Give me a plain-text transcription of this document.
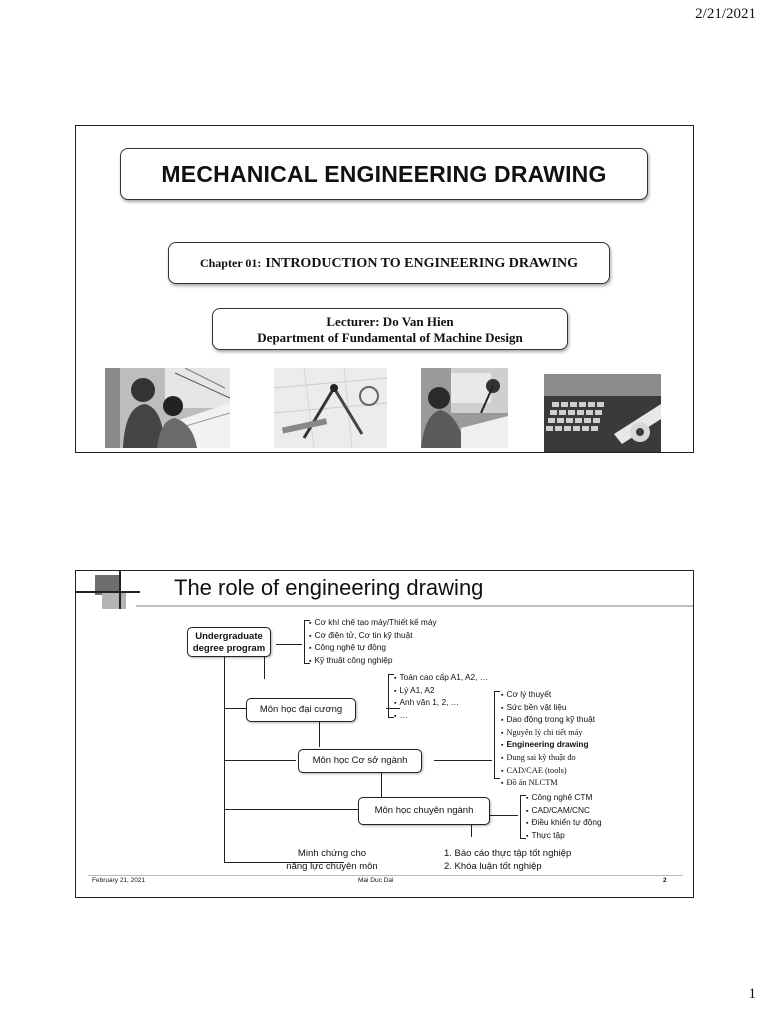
2/21/2021
MECHANICAL ENGINEERING DRAWING
Chapter 01: INTRODUCTION TO ENGINEERING DRAWING
Lecturer: Do Van Hien
Department of Fundamental of Machine Design
The role of engineering drawing
Undergraduate
degree program
Môn học đại cương
Môn học Cơ sở ngành
Môn học chuyên ngành
▪ Cơ khí chế tạo máy/Thiết kế máy
▪ Cơ điện tử, Cơ tin kỹ thuật
▪ Công nghệ tự động
▪ Kỹ thuật công nghiệp
▪ Toán cao cấp A1, A2, …
▪ Lý A1, A2
▪ Anh văn 1, 2, …
▪ …
▪ Cơ lý thuyết
▪ Sức bền vật liệu
▪ Dao động trong kỹ thuật
▪ Nguyên lý chi tiết máy
▪ Engineering drawing
▪ Dung sai kỹ thuật đo
▪ CAD/CAE (tools)
▪ Đồ án NLCTM
▪ Công nghệ CTM
▪ CAD/CAM/CNC
▪ Điều khiển tự động
▪ Thực tập
Minh chứng cho
năng lực chuyên môn
1. Báo cáo thực tập tốt nghiệp
2. Khóa luận tốt nghiệp
February 21, 2021	Mai Duc Dai	2
1
